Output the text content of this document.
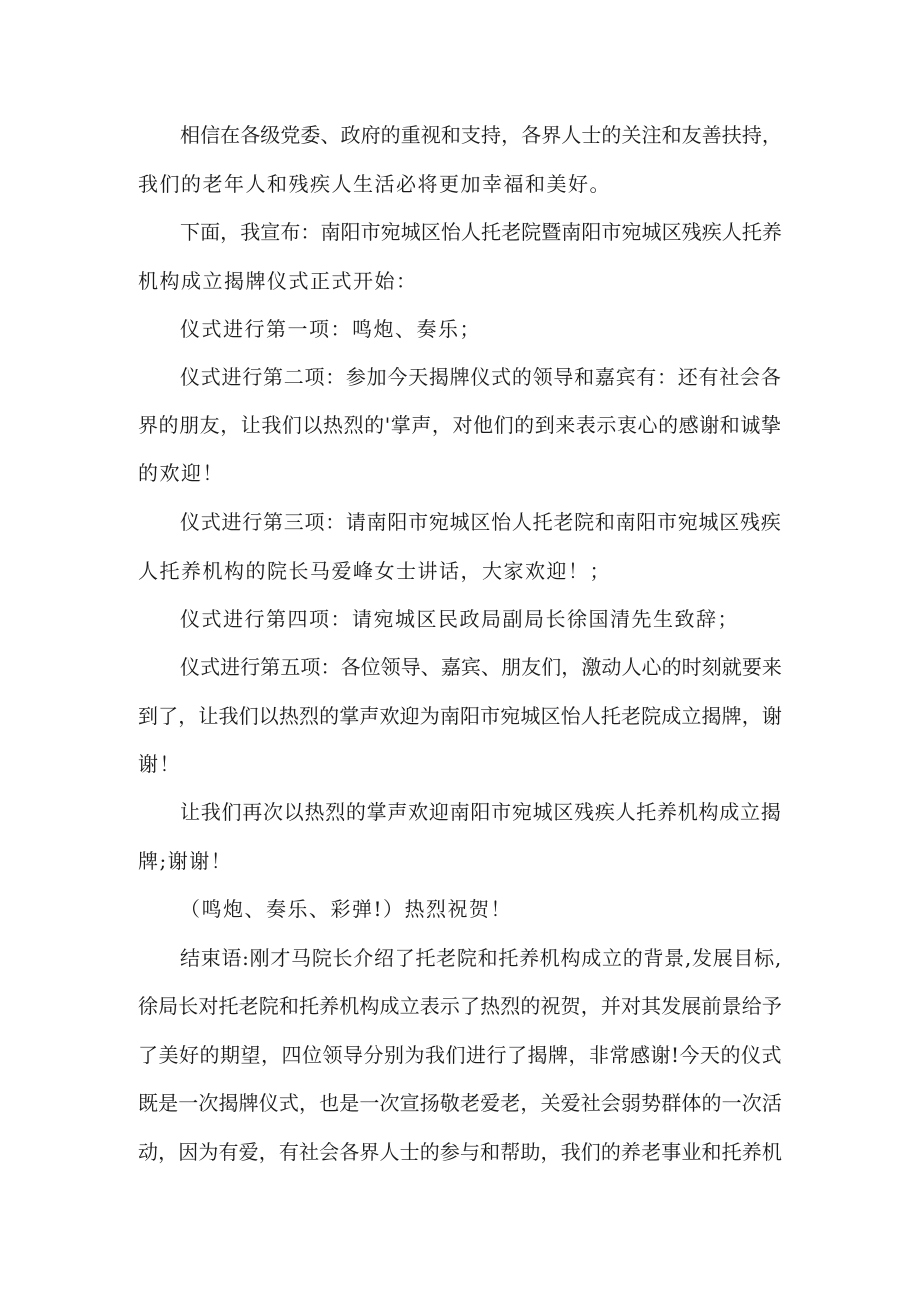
相信在各级党委、政府的重视和支持，各界人士的关注和友善扶持，
我们的老年人和残疾人生活必将更加幸福和美好。
下面，我宣布：南阳市宛城区怡人托老院暨南阳市宛城区残疾人托养
机构成立揭牌仪式正式开始：
仪式进行第一项：鸣炮、奏乐；
仪式进行第二项：参加今天揭牌仪式的领导和嘉宾有：还有社会各
界的朋友，让我们以热烈的'掌声，对他们的到来表示衷心的感谢和诚挚
的欢迎！
仪式进行第三项：请南阳市宛城区怡人托老院和南阳市宛城区残疾
人托养机构的院长马爱峰女士讲话，大家欢迎！；
仪式进行第四项：请宛城区民政局副局长徐国清先生致辞；
仪式进行第五项：各位领导、嘉宾、朋友们，激动人心的时刻就要来
到了，让我们以热烈的掌声欢迎为南阳市宛城区怡人托老院成立揭牌，谢
谢！
让我们再次以热烈的掌声欢迎南阳市宛城区残疾人托养机构成立揭
牌;谢谢！
（鸣炮、奏乐、彩弹!）热烈祝贺！
结束语:刚才马院长介绍了托老院和托养机构成立的背景,发展目标,
徐局长对托老院和托养机构成立表示了热烈的祝贺，并对其发展前景给予
了美好的期望，四位领导分别为我们进行了揭牌，非常感谢!今天的仪式
既是一次揭牌仪式，也是一次宣扬敬老爱老，关爱社会弱势群体的一次活
动，因为有爱，有社会各界人士的参与和帮助，我们的养老事业和托养机
